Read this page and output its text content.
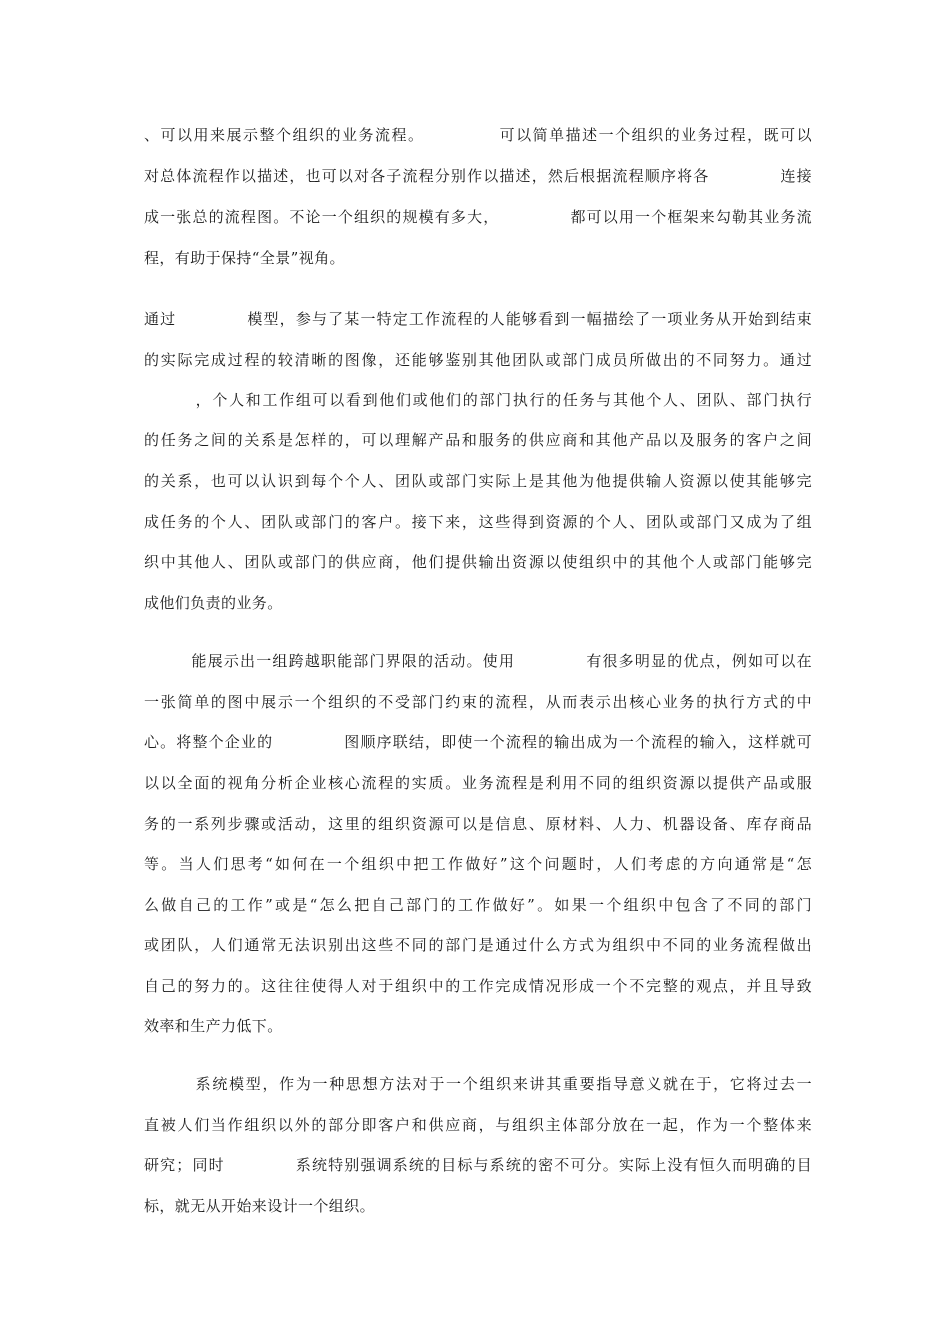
、可以用来展示整个组织的业务流程。            可以简单描述一个组织的业务过程，既可以
对总体流程作以描述，也可以对各子流程分别作以描述，然后根据流程顺序将各            连接
成一张总的流程图。不论一个组织的规模有多大，            都可以用一个框架来勾勒其业务流
程，有助于保持“全景”视角。
通过            模型，参与了某一特定工作流程的人能够看到一幅描绘了一项业务从开始到结束
的实际完成过程的较清晰的图像，还能够鉴别其他团队或部门成员所做出的不同努力。通过
，个人和工作组可以看到他们或他们的部门执行的任务与其他个人、团队、部门执行
的任务之间的关系是怎样的，可以理解产品和服务的供应商和其他产品以及服务的客户之间
的关系，也可以认识到每个个人、团队或部门实际上是其他为他提供输人资源以使其能够完
成任务的个人、团队或部门的客户。接下来，这些得到资源的个人、团队或部门又成为了组
织中其他人、团队或部门的供应商，他们提供输出资源以使组织中的其他个人或部门能够完
成他们负责的业务。
能展示出一组跨越职能部门界限的活动。使用            有很多明显的优点，例如可以在
一张简单的图中展示一个组织的不受部门约束的流程，从而表示出核心业务的执行方式的中
心。将整个企业的            图顺序联结，即使一个流程的输出成为一个流程的输入，这样就可
以以全面的视角分析企业核心流程的实质。业务流程是利用不同的组织资源以提供产品或服
务的一系列步骤或活动，这里的组织资源可以是信息、原材料、人力、机器设备、库存商品
等。当人们思考“如何在一个组织中把工作做好”这个问题时，人们考虑的方向通常是“怎
么做自己的工作”或是“怎么把自己部门的工作做好”。如果一个组织中包含了不同的部门
或团队，人们通常无法识别出这些不同的部门是通过什么方式为组织中不同的业务流程做出
自己的努力的。这往往使得人对于组织中的工作完成情况形成一个不完整的观点，并且导致
效率和生产力低下。
系统模型，作为一种思想方法对于一个组织来讲其重要指导意义就在于，它将过去一
直被人们当作组织以外的部分即客户和供应商，与组织主体部分放在一起，作为一个整体来
研究；同时            系统特别强调系统的目标与系统的密不可分。实际上没有恒久而明确的目
标，就无从开始来设计一个组织。
